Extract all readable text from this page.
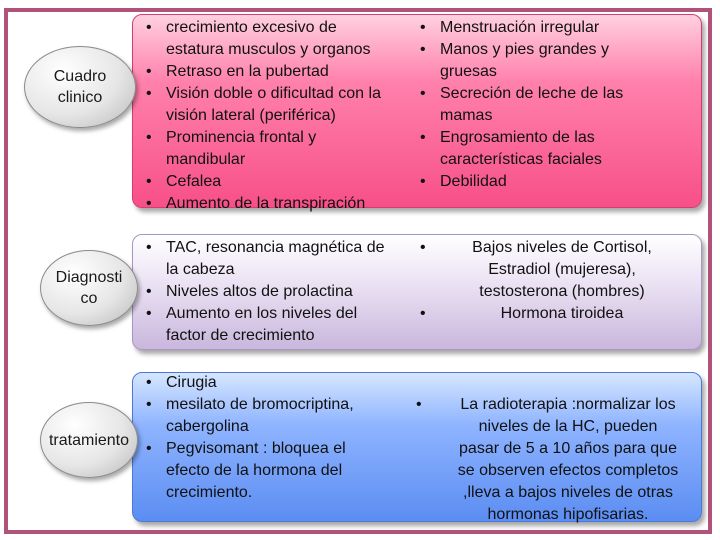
Cuadro
clinico
• crecimiento excesivo de
estatura musculos y organos
• Retraso en la pubertad
• Visión doble o dificultad con la
visión lateral (periférica)
• Prominencia frontal y
mandibular
• Cefalea
• Aumento de la transpiración
• Menstruación irregular
• Manos y pies grandes y
gruesas
• Secreción de leche de las
mamas
• Engrosamiento de las
características faciales
• Debilidad
Diagnosti
co
• TAC, resonancia magnética de
la cabeza
• Niveles altos de prolactina
• Aumento en los niveles del
factor de crecimiento
• Bajos niveles de Cortisol,
Estradiol (mujeresa),
testosterona (hombres)
• Hormona tiroidea
tratamiento
• Cirugia
• mesilato de bromocriptina,
cabergolina
• Pegvisomant : bloquea el
efecto de la hormona del
crecimiento.
• La radioterapia :normalizar los
niveles de la HC, pueden
pasar de 5 a 10 años para que
se observen efectos completos
,lleva a bajos niveles de otras
hormonas hipofisarias.
